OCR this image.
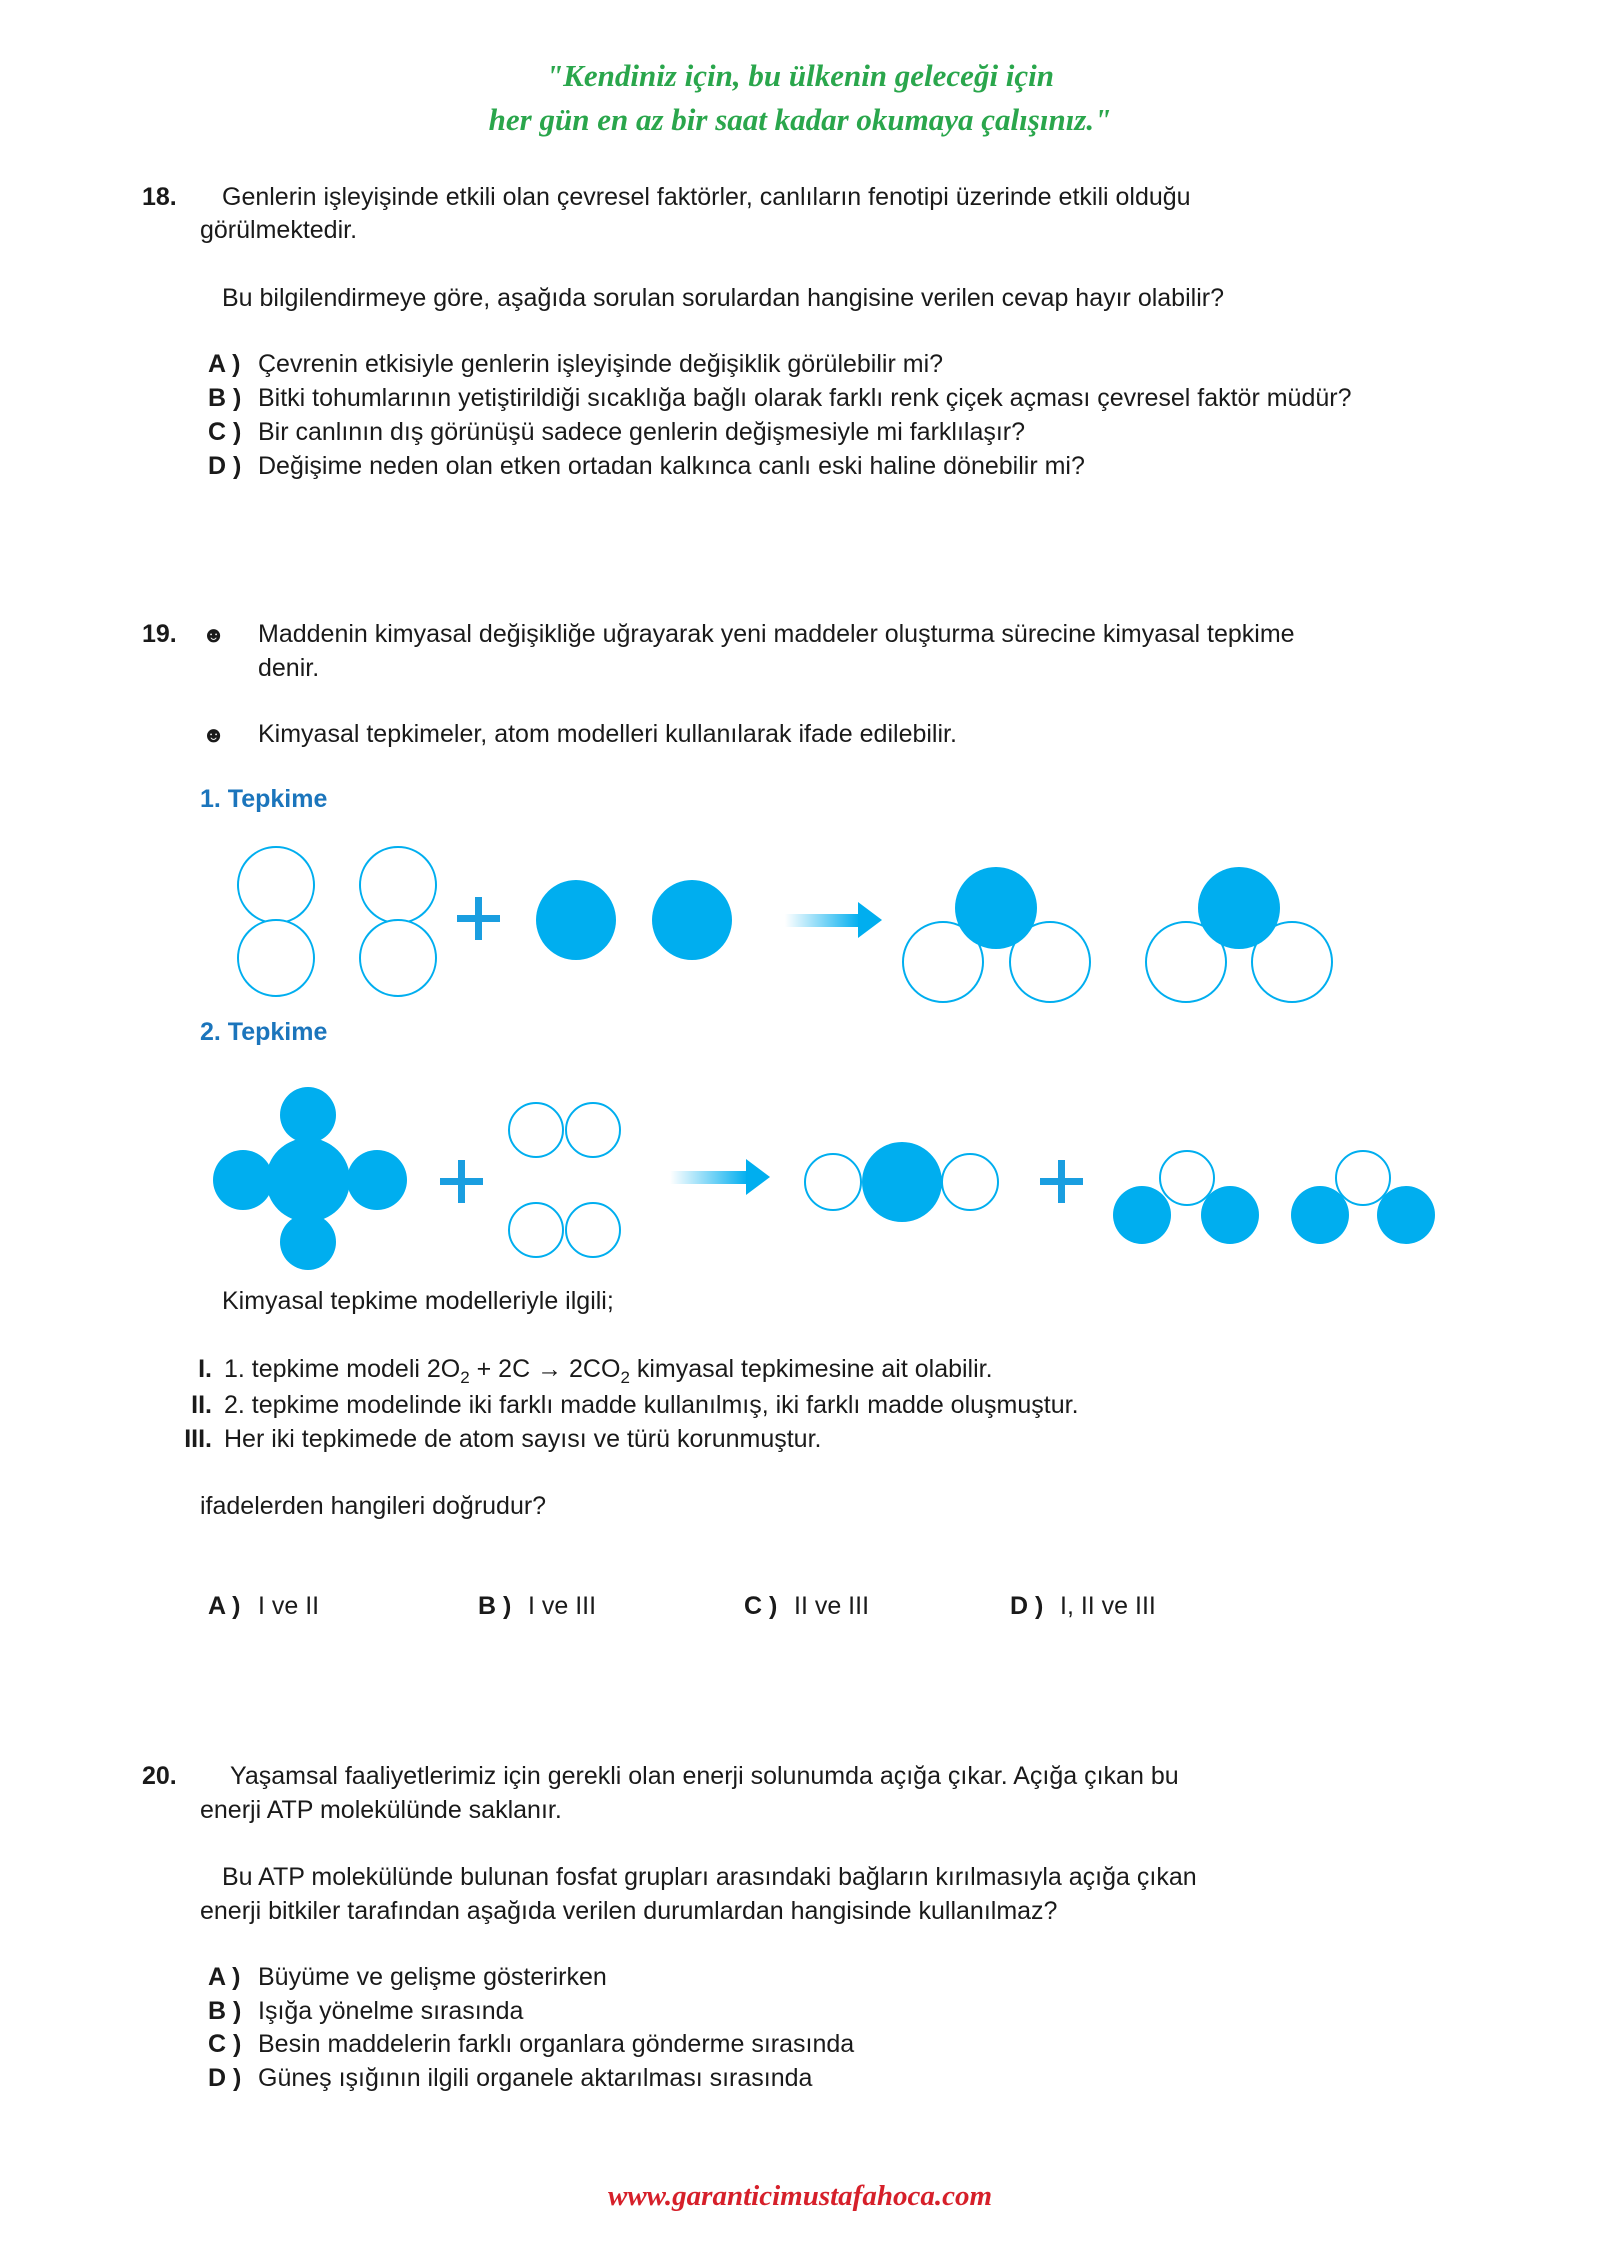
"Kendiniz için, bu ülkenin geleceği için
her gün en az bir saat kadar okumaya çalışınız."
18. Genlerin işleyişinde etkili olan çevresel faktörler, canlıların fenotipi üzerinde etkili olduğu
görülmektedir.
Bu bilgilendirmeye göre, aşağıda sorulan sorulardan hangisine verilen cevap hayır olabilir?
A ) Çevrenin etkisiyle genlerin işleyişinde değişiklik görülebilir mi?
B ) Bitki tohumlarının yetiştirildiği sıcaklığa bağlı olarak farklı renk çiçek açması çevresel faktör müdür?
C ) Bir canlının dış görünüşü sadece genlerin değişmesiyle mi farklılaşır?
D ) Değişime neden olan etken ortadan kalkınca canlı eski haline dönebilir mi?
19. ☻ Maddenin kimyasal değişikliğe uğrayarak yeni maddeler oluşturma sürecine kimyasal tepkime
denir.
☻ Kimyasal tepkimeler, atom modelleri kullanılarak ifade edilebilir.
1. Tepkime
2. Tepkime
Kimyasal tepkime modelleriyle ilgili;
I. 1. tepkime modeli $2O_2 + 2C \to 2CO_2$ kimyasal tepkimesine ait olabilir.
II. 2. tepkime modelinde iki farklı madde kullanılmış, iki farklı madde oluşmuştur.
III. Her iki tepkimede de atom sayısı ve türü korunmuştur.
ifadelerden hangileri doğrudur?
A ) I ve II	B ) I ve III	C ) II ve III	D ) I, II ve III
20. Yaşamsal faaliyetlerimiz için gerekli olan enerji solunumda açığa çıkar. Açığa çıkan bu
enerji ATP molekülünde saklanır.
Bu ATP molekülünde bulunan fosfat grupları arasındaki bağların kırılmasıyla açığa çıkan
enerji bitkiler tarafından aşağıda verilen durumlardan hangisinde kullanılmaz?
A ) Büyüme ve gelişme gösterirken
B ) Işığa yönelme sırasında
C ) Besin maddelerin farklı organlara gönderme sırasında
D ) Güneş ışığının ilgili organele aktarılması sırasında
www.garanticimustafahoca.com
